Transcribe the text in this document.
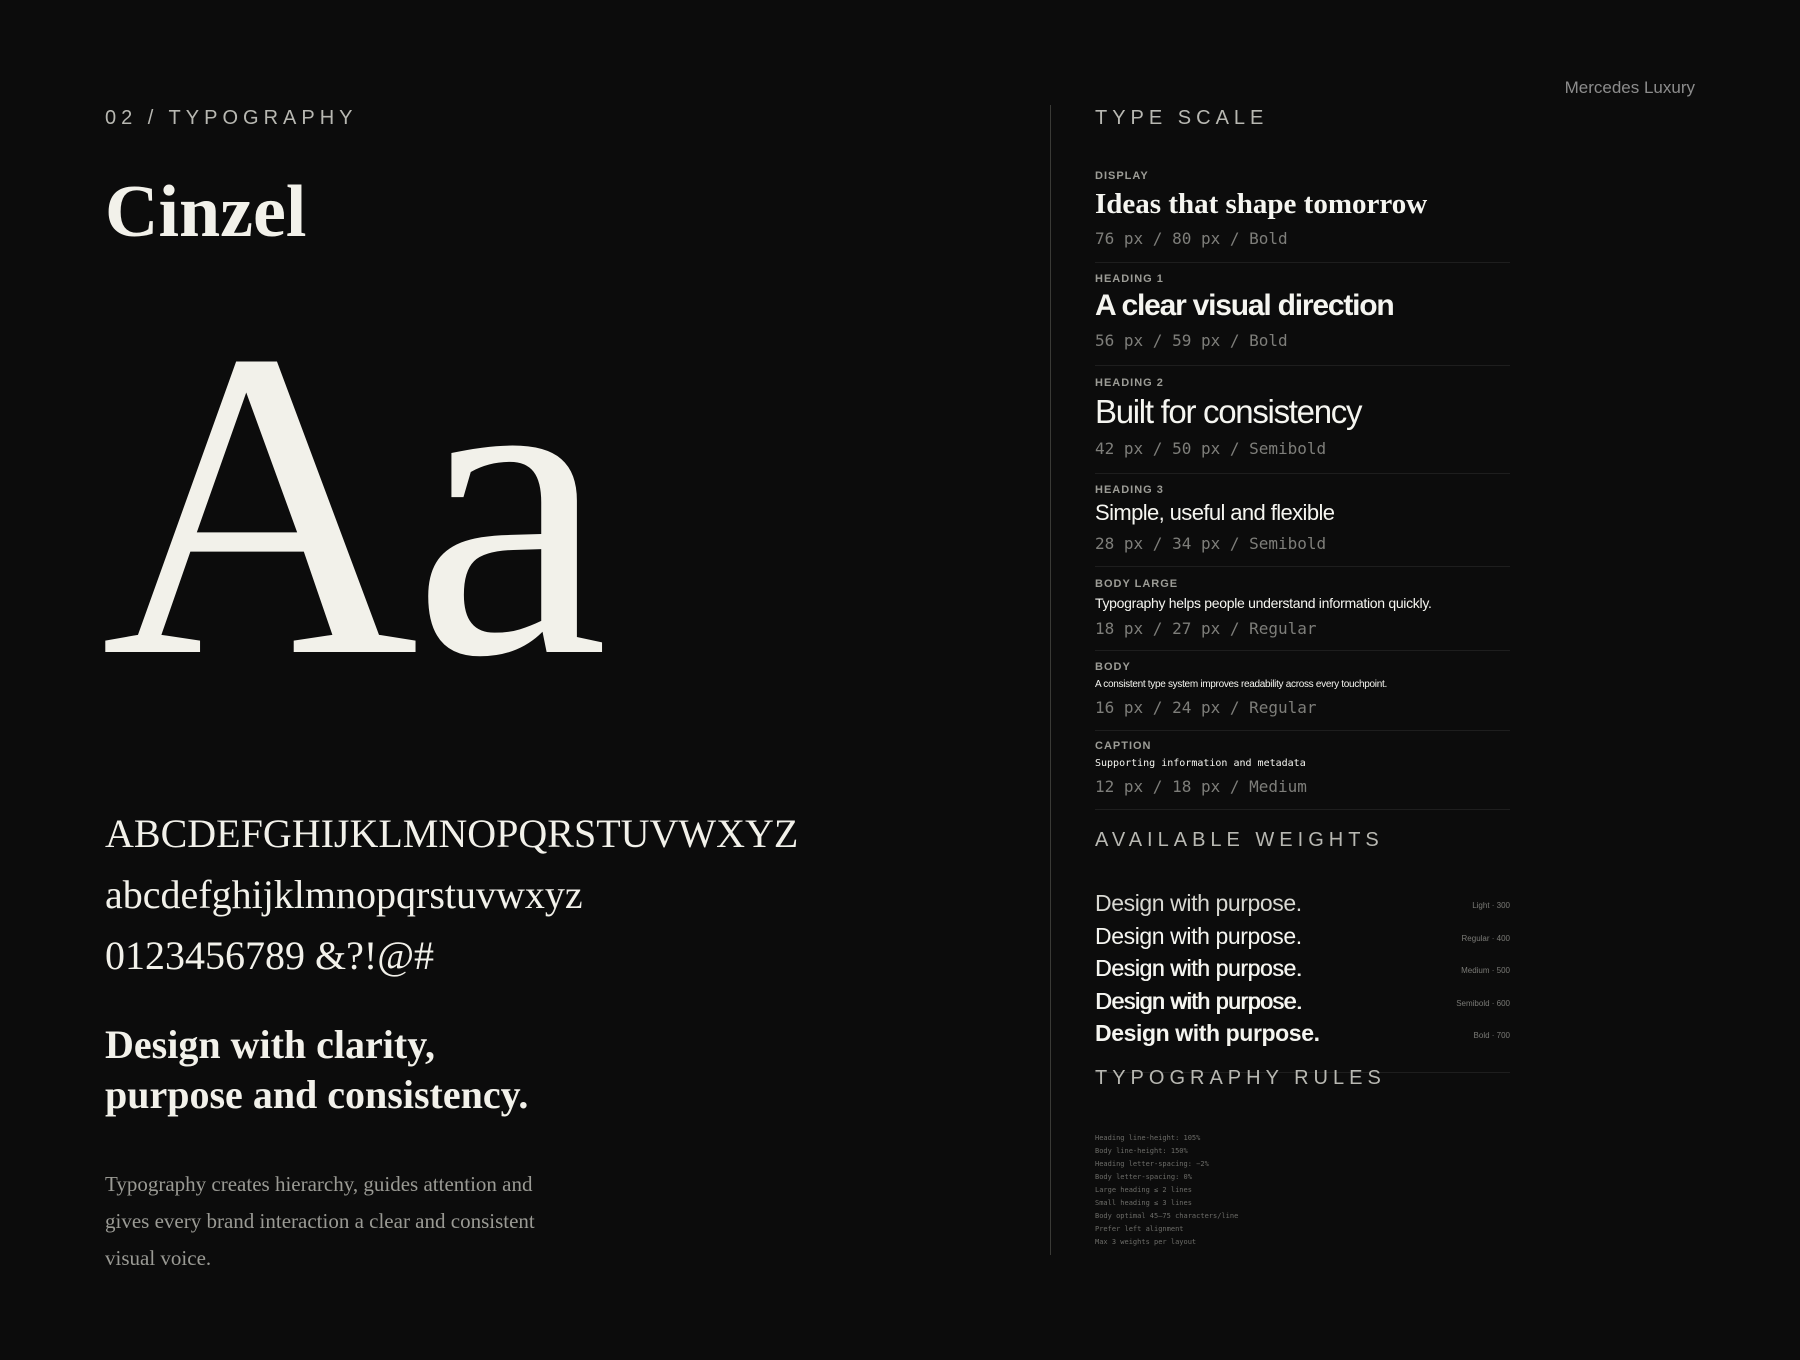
Mercedes Luxury
02 / TYPOGRAPHY
Cinzel
Aa
ABCDEFGHIJKLMNOPQRSTUVWXYZ
abcdefghijklmnopqrstuvwxyz
0123456789 &?!@#
Design with clarity,
purpose and consistency.
Typography creates hierarchy, guides attention and gives every brand interaction a clear and consistent visual voice.
TYPE SCALE
DISPLAY
Ideas that shape tomorrow
76 px / 80 px / Bold
HEADING 1
A clear visual direction
56 px / 59 px / Bold
HEADING 2
Built for consistency
42 px / 50 px / Semibold
HEADING 3
Simple, useful and flexible
28 px / 34 px / Semibold
BODY LARGE
Typography helps people understand information quickly.
18 px / 27 px / Regular
BODY
A consistent type system improves readability across every touchpoint.
16 px / 24 px / Regular
CAPTION
Supporting information and metadata
12 px / 18 px / Medium
AVAILABLE WEIGHTS
Design with purpose.	Light · 300
Design with purpose.	Regular · 400
Design with purpose.	Medium · 500
Design with purpose.	Semibold · 600
Design with purpose.	Bold · 700
TYPOGRAPHY RULES
Heading line-height: 105%
Body line-height: 150%
Heading letter-spacing: −2%
Body letter-spacing: 0%
Large heading ≤ 2 lines
Small heading ≤ 3 lines
Body optimal 45–75 characters/line
Prefer left alignment
Max 3 weights per layout
